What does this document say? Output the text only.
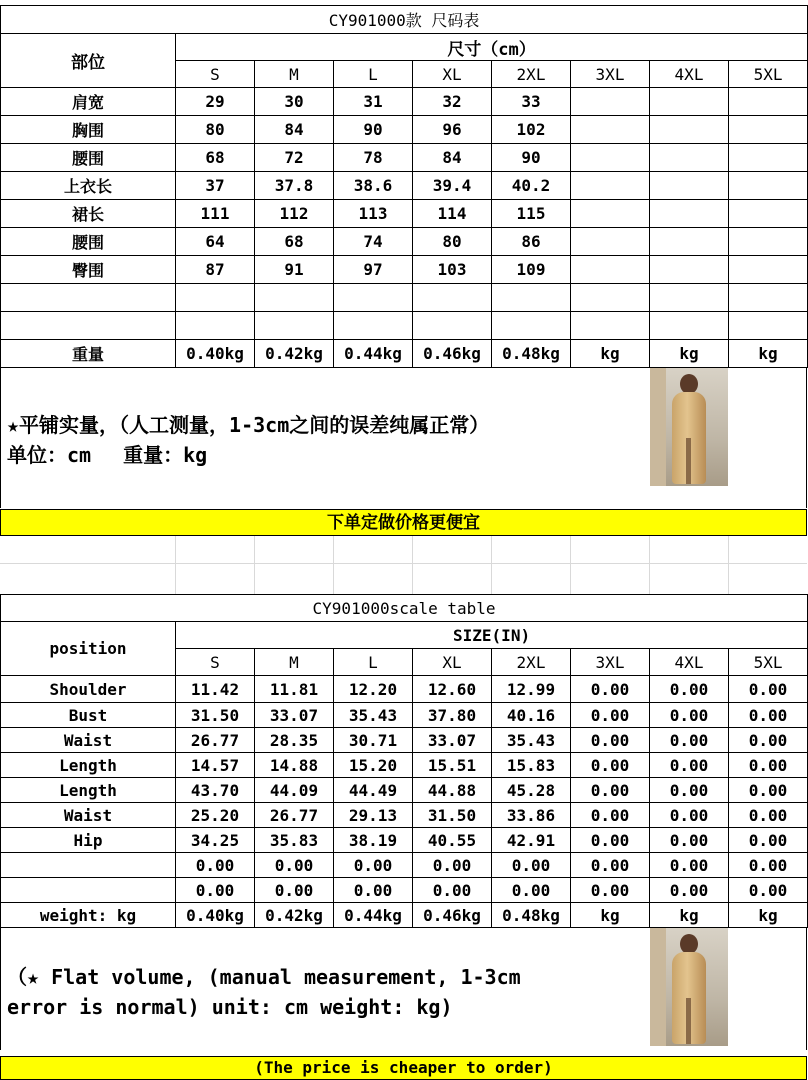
CY901000款 尺码表								
部位	尺寸（cm）							
	S	M	L	XL	2XL	3XL	4XL	5XL
肩宽	29	30	31	32	33			
胸围	80	84	90	96	102			
腰围	68	72	78	84	90			
上衣长	37	37.8	38.6	39.4	40.2			
裙长	111	112	113	114	115			
腰围	64	68	74	80	86			
臀围	87	91	97	103	109			

重量	0.40kg	0.42kg	0.44kg	0.46kg	0.48kg	kg	kg	kg
★平铺实量，（人工测量，1-3cm之间的误差纯属正常）
单位：cm　 重量：kg
下单定做价格更便宜
CY901000scale table								
position	SIZE(IN)							
	S	M	L	XL	2XL	3XL	4XL	5XL
Shoulder	11.42	11.81	12.20	12.60	12.99	0.00	0.00	0.00
Bust	31.50	33.07	35.43	37.80	40.16	0.00	0.00	0.00
Waist	26.77	28.35	30.71	33.07	35.43	0.00	0.00	0.00
Length	14.57	14.88	15.20	15.51	15.83	0.00	0.00	0.00
Length	43.70	44.09	44.49	44.88	45.28	0.00	0.00	0.00
Waist	25.20	26.77	29.13	31.50	33.86	0.00	0.00	0.00
Hip	34.25	35.83	38.19	40.55	42.91	0.00	0.00	0.00
	0.00	0.00	0.00	0.00	0.00	0.00	0.00	0.00
	0.00	0.00	0.00	0.00	0.00	0.00	0.00	0.00
weight: kg	0.40kg	0.42kg	0.44kg	0.46kg	0.48kg	kg	kg	kg
（★ Flat volume, (manual measurement, 1-3cm
error is normal) unit: cm weight: kg)
(The price is cheaper to order)
